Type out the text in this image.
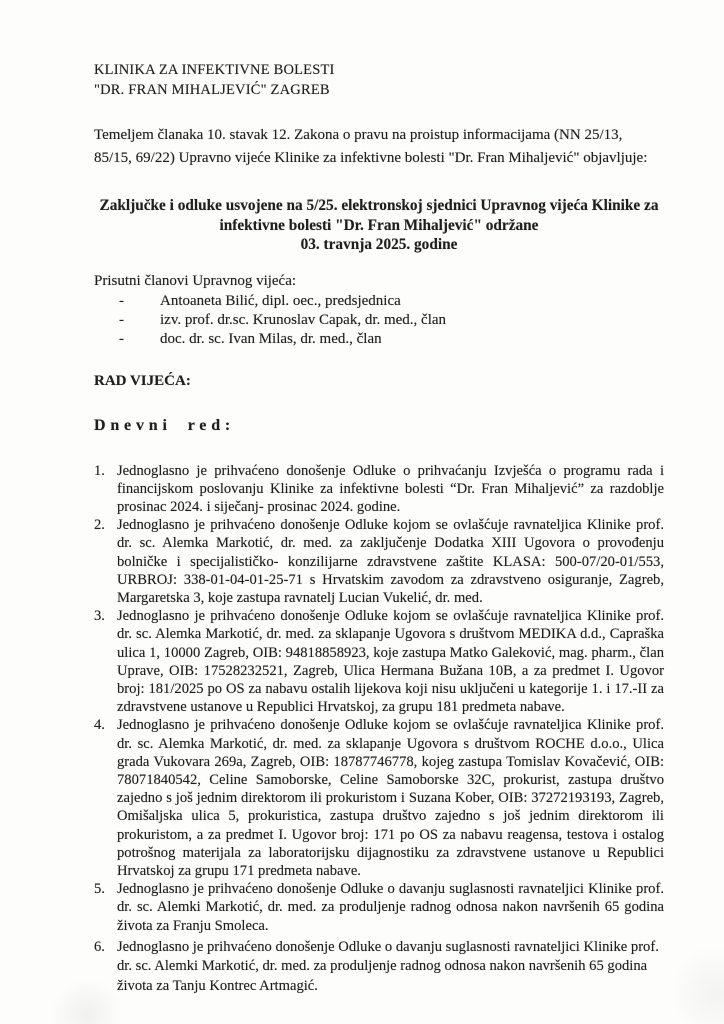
KLINIKA ZA INFEKTIVNE BOLESTI
"DR. FRAN MIHALJEVIĆ" ZAGREB

Temeljem članaka 10. stavak 12. Zakona o pravu na proistup informacijama (NN 25/13, 85/15, 69/22) Upravno vijeće Klinike za infektivne bolesti "Dr. Fran Mihaljević" objavljuje:

Zaključke i odluke usvojene na 5/25. elektronskoj sjednici Upravnog vijeća Klinike za
infektivne bolesti "Dr. Fran Mihaljević" održane
03. travnja 2025. godine

Prisutni članovi Upravnog vijeća:

- Antoaneta Bilić, dipl. oec., predsjednica
- izv. prof. dr.sc. Krunoslav Capak, dr. med., član
- doc. dr. sc. Ivan Milas, dr. med., član

RAD VIJEĆA:

Dnevni red:

1. Jednoglasno je prihvaćeno donošenje Odluke o prihvaćanju Izvješća o programu rada i financijskom poslovanju Klinike za infektivne bolesti “Dr. Fran Mihaljević” za razdoblje prosinac 2024. i siječanj- prosinac 2024. godine.
2. Jednoglasno je prihvaćeno donošenje Odluke kojom se ovlašćuje ravnateljica Klinike prof. dr. sc. Alemka Markotić, dr. med. za zaključenje Dodatka XIII Ugovora o provođenju bolničke i specijalističko- konzilijarne zdravstvene zaštite KLASA: 500-07/20-01/553, URBROJ: 338-01-04-01-25-71 s Hrvatskim zavodom za zdravstveno osiguranje, Zagreb, Margaretska 3, koje zastupa ravnatelj Lucian Vukelić, dr. med.
3. Jednoglasno je prihvaćeno donošenje Odluke kojom se ovlašćuje ravnateljica Klinike prof. dr. sc. Alemka Markotić, dr. med. za sklapanje Ugovora s društvom MEDIKA d.d., Capraška ulica 1, 10000 Zagreb, OIB: 94818858923, koje zastupa Matko Galeković, mag. pharm., član Uprave, OIB: 17528232521, Zagreb, Ulica Hermana Bužana 10B, a za predmet I. Ugovor broj: 181/2025 po OS za nabavu ostalih lijekova koji nisu uključeni u kategorije 1. i 17.-II za zdravstvene ustanove u Republici Hrvatskoj, za grupu 181 predmeta nabave.
4. Jednoglasno je prihvaćeno donošenje Odluke kojom se ovlašćuje ravnateljica Klinike prof. dr. sc. Alemka Markotić, dr. med. za sklapanje Ugovora s društvom ROCHE d.o.o., Ulica grada Vukovara 269a, Zagreb, OIB: 18787746778, kojeg zastupa Tomislav Kovačević, OIB: 78071840542, Celine Samoborske, Celine Samoborske 32C, prokurist, zastupa društvo zajedno s još jednim direktorom ili prokuristom i Suzana Kober, OIB: 37272193193, Zagreb, Omišaljska ulica 5, prokuristica, zastupa društvo zajedno s još jednim direktorom ili prokuristom, a za predmet I. Ugovor broj: 171 po OS za nabavu reagensa, testova i ostalog potrošnog materijala za laboratorijsku dijagnostiku za zdravstvene ustanove u Republici Hrvatskoj za grupu 171 predmeta nabave.
5. Jednoglasno je prihvaćeno donošenje Odluke o davanju suglasnosti ravnateljici Klinike prof. dr. sc. Alemki Markotić, dr. med. za produljenje radnog odnosa nakon navršenih 65 godina života za Franju Smoleca.
6. Jednoglasno je prihvaćeno donošenje Odluke o davanju suglasnosti ravnateljici Klinike prof. dr. sc. Alemki Markotić, dr. med. za produljenje radnog odnosa nakon navršenih 65 godina života za Tanju Kontrec Artmagić.
